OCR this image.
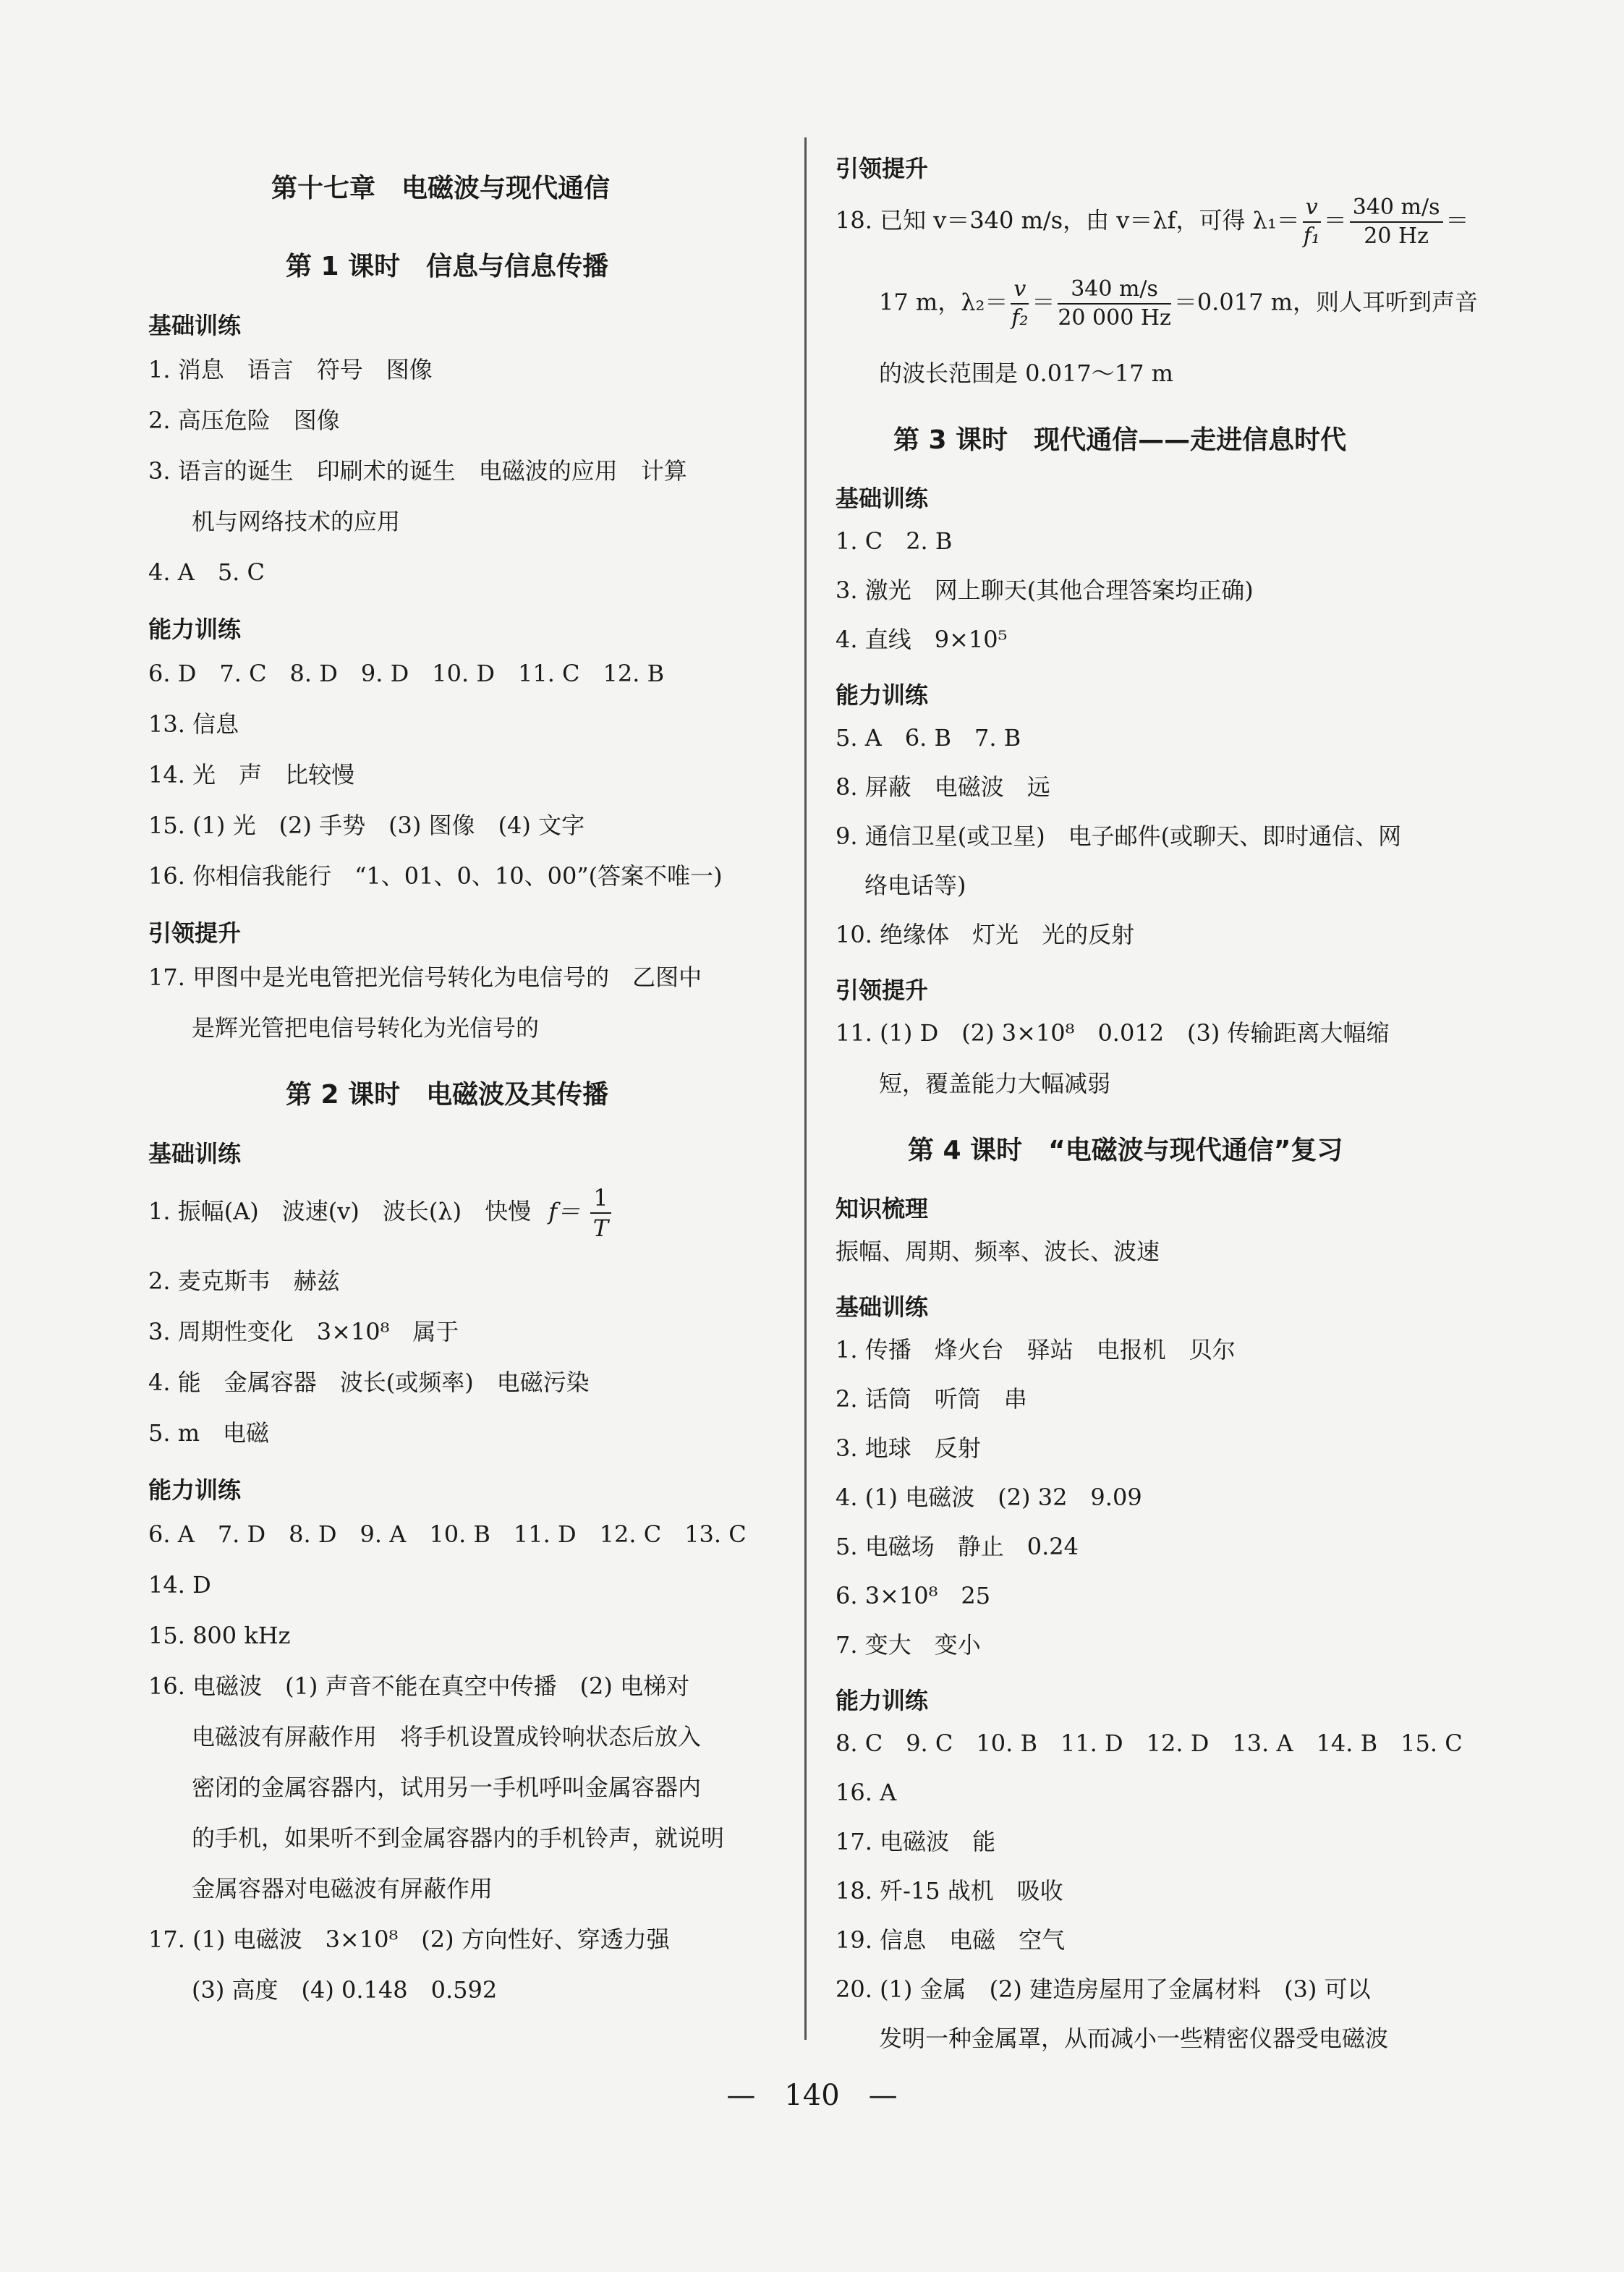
第十七章　电磁波与现代通信
第 1 课时　信息与信息传播
基础训练
1. 消息　语言　符号　图像
2. 高压危险　图像
3. 语言的诞生　印刷术的诞生　电磁波的应用　计算
机与网络技术的应用
4. A　5. C
能力训练
6. D　7. C　8. D　9. D　10. D　11. C　12. B
13. 信息
14. 光　声　比较慢
15. (1) 光　(2) 手势　(3) 图像　(4) 文字
16. 你相信我能行　“1、01、0、10、00”(答案不唯一)
引领提升
17. 甲图中是光电管把光信号转化为电信号的　乙图中
是辉光管把电信号转化为光信号的
第 2 课时　电磁波及其传播
基础训练
1. 振幅(A)　波速(v)　波长(λ)　快慢 $f= \frac{1}{T}$
2. 麦克斯韦　赫兹
3. 周期性变化　3×10⁸　属于
4. 能　金属容器　波长(或频率)　电磁污染
5. m　电磁
能力训练
6. A　7. D　8. D　9. A　10. B　11. D　12. C　13. C
14. D
15. 800 kHz
16. 电磁波　(1) 声音不能在真空中传播　(2) 电梯对
电磁波有屏蔽作用　将手机设置成铃响状态后放入
密闭的金属容器内，试用另一手机呼叫金属容器内
的手机，如果听不到金属容器内的手机铃声，就说明
金属容器对电磁波有屏蔽作用
17. (1) 电磁波　3×10⁸　(2) 方向性好、穿透力强
(3) 高度　(4) 0.148　0.592
引领提升
18. 已知 v＝340 m/s，由 v＝λf，可得 $\lambda_1= \frac{v}{\text{f₁}} = \frac{340 m/s}{20 Hz}$ ＝
17 m，$\lambda_2= \frac{v}{\text{f₂}} = \frac{340 m/s}{20 000 Hz} =0.017$ m，则人耳听到声音
的波长范围是 0.017～17 m
第 3 课时　现代通信——走进信息时代
基础训练
1. C　2. B
3. 激光　网上聊天(其他合理答案均正确)
4. 直线　9×10⁵
能力训练
5. A　6. B　7. B
8. 屏蔽　电磁波　远
9. 通信卫星(或卫星)　电子邮件(或聊天、即时通信、网
络电话等)
10. 绝缘体　灯光　光的反射
引领提升
11. (1) D　(2) 3×10⁸　0.012　(3) 传输距离大幅缩
短，覆盖能力大幅减弱
第 4 课时　“电磁波与现代通信”复习
知识梳理
振幅、周期、频率、波长、波速
基础训练
1. 传播　烽火台　驿站　电报机　贝尔
2. 话筒　听筒　串
3. 地球　反射
4. (1) 电磁波　(2) 32　9.09
5. 电磁场　静止　0.24
6. 3×10⁸　25
7. 变大　变小
能力训练
8. C　9. C　10. B　11. D　12. D　13. A　14. B　15. C
16. A
17. 电磁波　能
18. 歼-15 战机　吸收
19. 信息　电磁　空气
20. (1) 金属　(2) 建造房屋用了金属材料　(3) 可以
发明一种金属罩，从而减小一些精密仪器受电磁波
—　140　—
